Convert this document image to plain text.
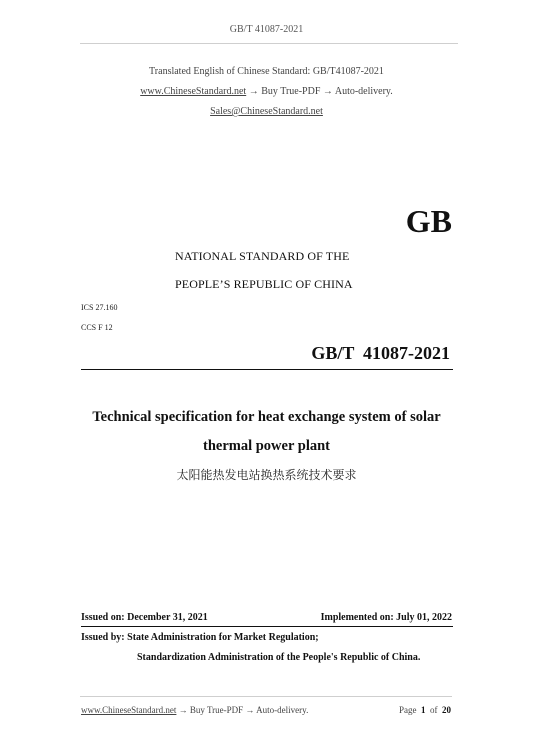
GB/T 41087-2021
Translated English of Chinese Standard: GB/T41087-2021
www.ChineseStandard.net → Buy True-PDF → Auto-delivery.
Sales@ChineseStandard.net
GB
NATIONAL STANDARD OF THE
PEOPLE’S REPUBLIC OF CHINA
ICS 27.160
CCS F 12
GB/T  41087-2021
Technical specification for heat exchange system of solar
thermal power plant
太阳能热发电站换热系统技术要求
Issued on: December 31, 2021	Implemented on: July 01, 2022
Issued by: State Administration for Market Regulation;
Standardization Administration of the People's Republic of China.
www.ChineseStandard.net → Buy True-PDF → Auto-delivery.	Page 1 of 20
